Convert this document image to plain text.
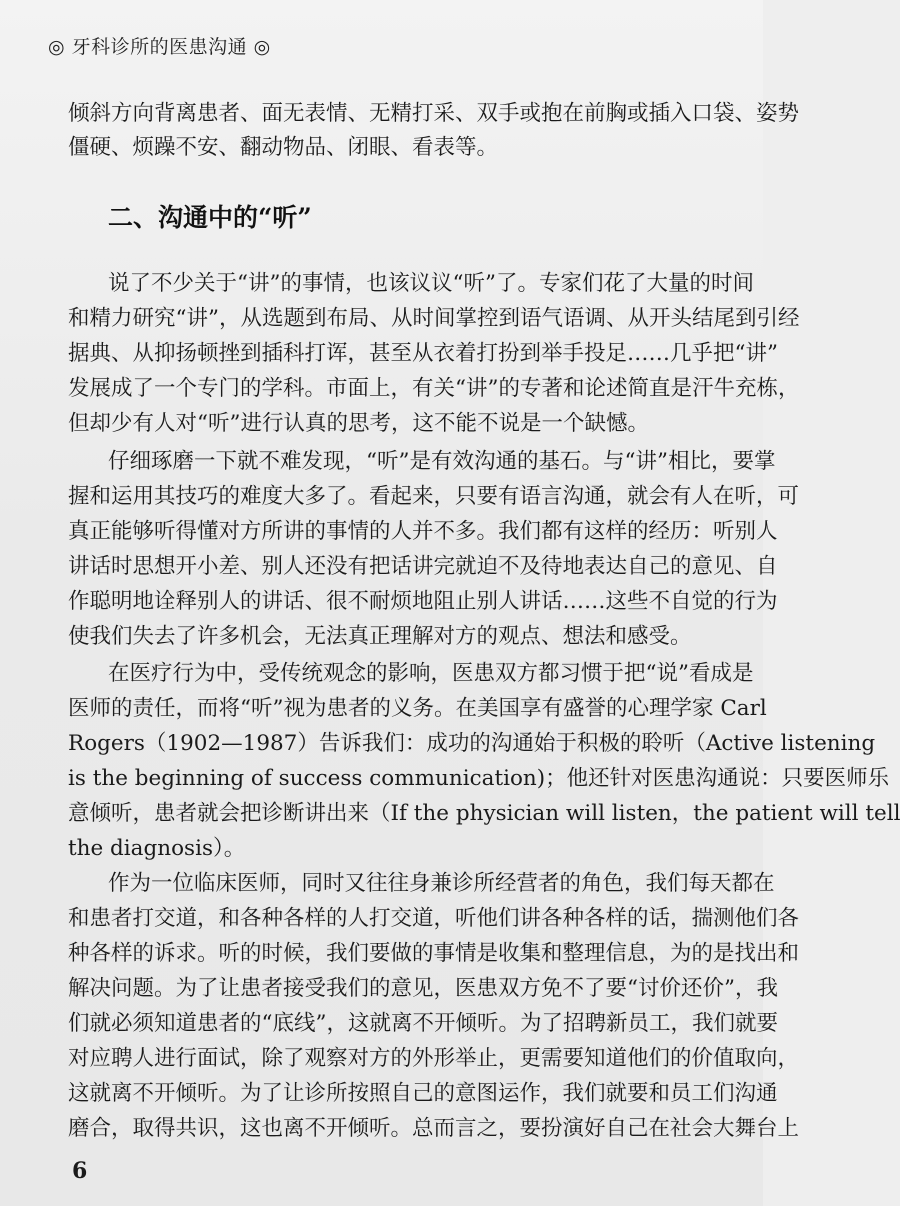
◎ 牙科诊所的医患沟通 ◎
倾斜方向背离患者、面无表情、无精打采、双手或抱在前胸或插入口袋、姿势
僵硬、烦躁不安、翻动物品、闭眼、看表等。
二、沟通中的“听”
说了不少关于“讲”的事情，也该议议“听”了。专家们花了大量的时间
和精力研究“讲”，从选题到布局、从时间掌控到语气语调、从开头结尾到引经
据典、从抑扬顿挫到插科打诨，甚至从衣着打扮到举手投足……几乎把“讲”
发展成了一个专门的学科。市面上，有关“讲”的专著和论述简直是汗牛充栋，
但却少有人对“听”进行认真的思考，这不能不说是一个缺憾。
仔细琢磨一下就不难发现，“听”是有效沟通的基石。与“讲”相比，要掌
握和运用其技巧的难度大多了。看起来，只要有语言沟通，就会有人在听，可
真正能够听得懂对方所讲的事情的人并不多。我们都有这样的经历：听别人
讲话时思想开小差、别人还没有把话讲完就迫不及待地表达自己的意见、自
作聪明地诠释别人的讲话、很不耐烦地阻止别人讲话……这些不自觉的行为
使我们失去了许多机会，无法真正理解对方的观点、想法和感受。
在医疗行为中，受传统观念的影响，医患双方都习惯于把“说”看成是
医师的责任，而将“听”视为患者的义务。在美国享有盛誉的心理学家 Carl
Rogers（1902—1987）告诉我们：成功的沟通始于积极的聆听（Active listening
is the beginning of success communication)；他还针对医患沟通说：只要医师乐
意倾听，患者就会把诊断讲出来（If the physician will listen，the patient will tell
the diagnosis）。
作为一位临床医师，同时又往往身兼诊所经营者的角色，我们每天都在
和患者打交道，和各种各样的人打交道，听他们讲各种各样的话，揣测他们各
种各样的诉求。听的时候，我们要做的事情是收集和整理信息，为的是找出和
解决问题。为了让患者接受我们的意见，医患双方免不了要“讨价还价”，我
们就必须知道患者的“底线”，这就离不开倾听。为了招聘新员工，我们就要
对应聘人进行面试，除了观察对方的外形举止，更需要知道他们的价值取向，
这就离不开倾听。为了让诊所按照自己的意图运作，我们就要和员工们沟通
磨合，取得共识，这也离不开倾听。总而言之，要扮演好自己在社会大舞台上
6
